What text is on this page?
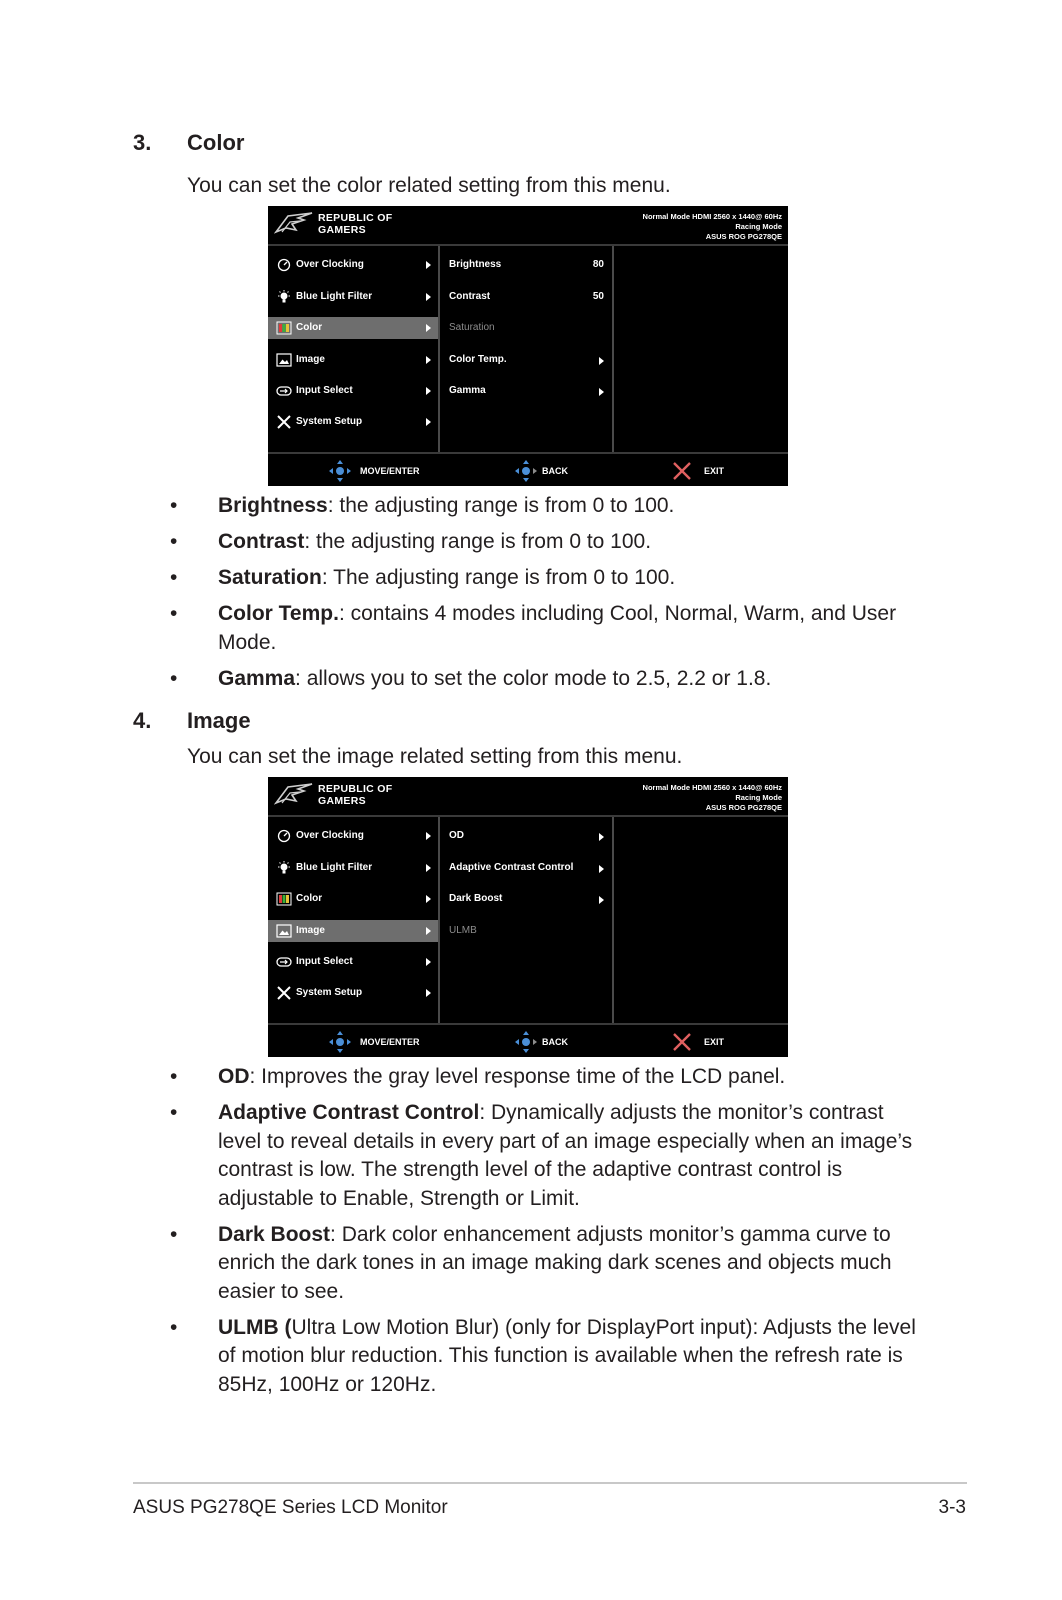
3. Color
You can set the color related setting from this menu.
REPUBLIC OF
GAMERS
Normal Mode HDMI 2560 x 1440@ 60Hz
Racing Mode
ASUS ROG PG278QE
Over Clocking
Blue Light Filter
Color
Image
Input Select
System Setup
Brightness	80
Contrast	50
Saturation
Color Temp.
Gamma
MOVE/ENTER	BACK	EXIT
• Brightness: the adjusting range is from 0 to 100.
• Contrast: the adjusting range is from 0 to 100.
• Saturation: The adjusting range is from 0 to 100.
• Color Temp.: contains 4 modes including Cool, Normal, Warm, and User Mode.
• Gamma: allows you to set the color mode to 2.5, 2.2 or 1.8.
4. Image
You can set the image related setting from this menu.
REPUBLIC OF
GAMERS
Normal Mode HDMI 2560 x 1440@ 60Hz
Racing Mode
ASUS ROG PG278QE
Over Clocking
Blue Light Filter
Color
Image
Input Select
System Setup
OD
Adaptive Contrast Control
Dark Boost
ULMB
MOVE/ENTER	BACK	EXIT
• OD: Improves the gray level response time of the LCD panel.
• Adaptive Contrast Control: Dynamically adjusts the monitor’s contrast level to reveal details in every part of an image especially when an image’s contrast is low. The strength level of the adaptive contrast control is adjustable to Enable, Strength or Limit.
• Dark Boost: Dark color enhancement adjusts monitor’s gamma curve to enrich the dark tones in an image making dark scenes and objects much easier to see.
• ULMB (Ultra Low Motion Blur) (only for DisplayPort input): Adjusts the level of motion blur reduction. This function is available when the refresh rate is 85Hz, 100Hz or 120Hz.
ASUS PG278QE Series LCD Monitor	3-3
